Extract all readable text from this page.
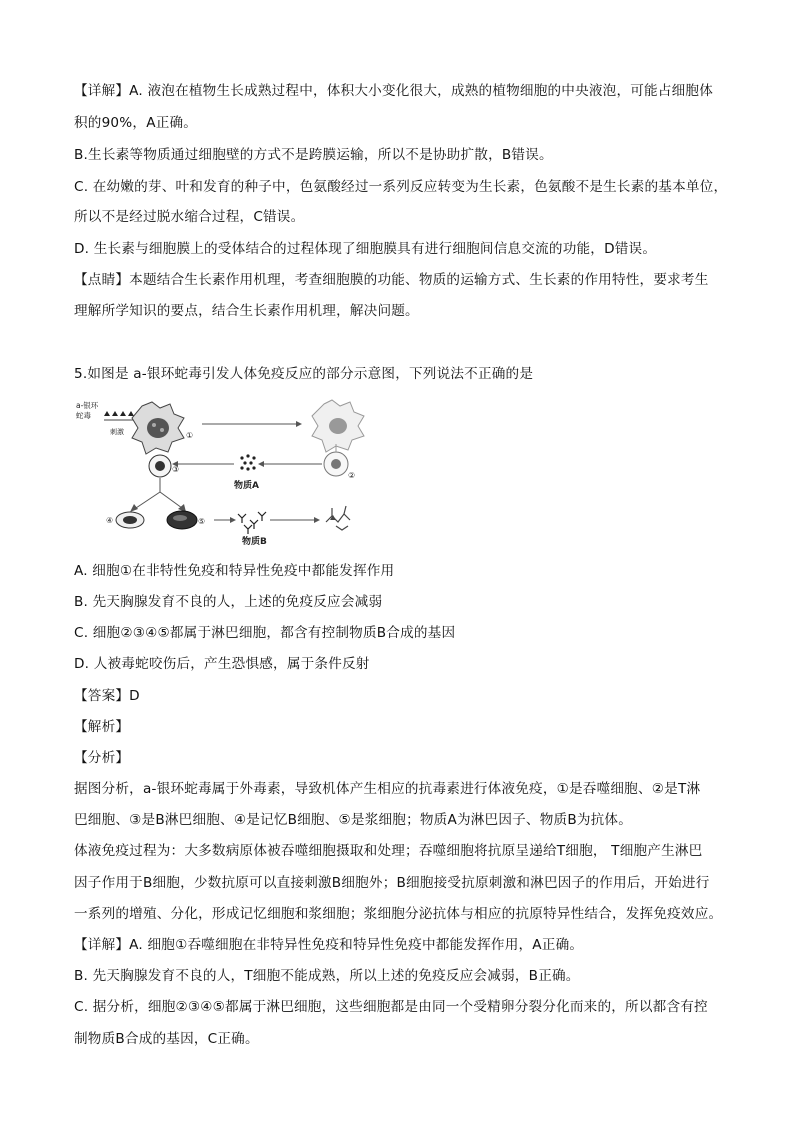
【详解】A. 液泡在植物生长成熟过程中，体积大小变化很大，成熟的植物细胞的中央液泡，可能占细胞体
积的90%，A正确。
B.生长素等物质通过细胞壁的方式不是跨膜运输，所以不是协助扩散，B错误。
C. 在幼嫩的芽、叶和发育的种子中，色氨酸经过一系列反应转变为生长素，色氨酸不是生长素的基本单位，
所以不是经过脱水缩合过程，C错误。
D. 生长素与细胞膜上的受体结合的过程体现了细胞膜具有进行细胞间信息交流的功能，D错误。
【点睛】本题结合生长素作用机理，考查细胞膜的功能、物质的运输方式、生长素的作用特性，要求考生
理解所学知识的要点，结合生长素作用机理，解决问题。
5.如图是 a-银环蛇毒引发人体免疫反应的部分示意图，下列说法不正确的是
a-银环
蛇毒
刺激	①
③
物质A
②
④	⑤
物质B
A. 细胞①在非特性免疫和特异性免疫中都能发挥作用
B. 先天胸腺发育不良的人，上述的免疫反应会减弱
C. 细胞②③④⑤都属于淋巴细胞，都含有控制物质B合成的基因
D. 人被毒蛇咬伤后，产生恐惧感，属于条件反射
【答案】D
【解析】
【分析】
据图分析，a-银环蛇毒属于外毒素，导致机体产生相应的抗毒素进行体液免疫，①是吞噬细胞、②是T淋
巴细胞、③是B淋巴细胞、④是记忆B细胞、⑤是浆细胞；物质A为淋巴因子、物质B为抗体。
体液免疫过程为：大多数病原体被吞噬细胞摄取和处理；吞噬细胞将抗原呈递给T细胞， T细胞产生淋巴
因子作用于B细胞，少数抗原可以直接刺激B细胞外；B细胞接受抗原刺激和淋巴因子的作用后，开始进行
一系列的增殖、分化，形成记忆细胞和浆细胞；浆细胞分泌抗体与相应的抗原特异性结合，发挥免疫效应。
【详解】A. 细胞①吞噬细胞在非特异性免疫和特异性免疫中都能发挥作用，A正确。
B. 先天胸腺发育不良的人，T细胞不能成熟，所以上述的免疫反应会减弱，B正确。
C. 据分析，细胞②③④⑤都属于淋巴细胞，这些细胞都是由同一个受精卵分裂分化而来的，所以都含有控
制物质B合成的基因，C正确。
